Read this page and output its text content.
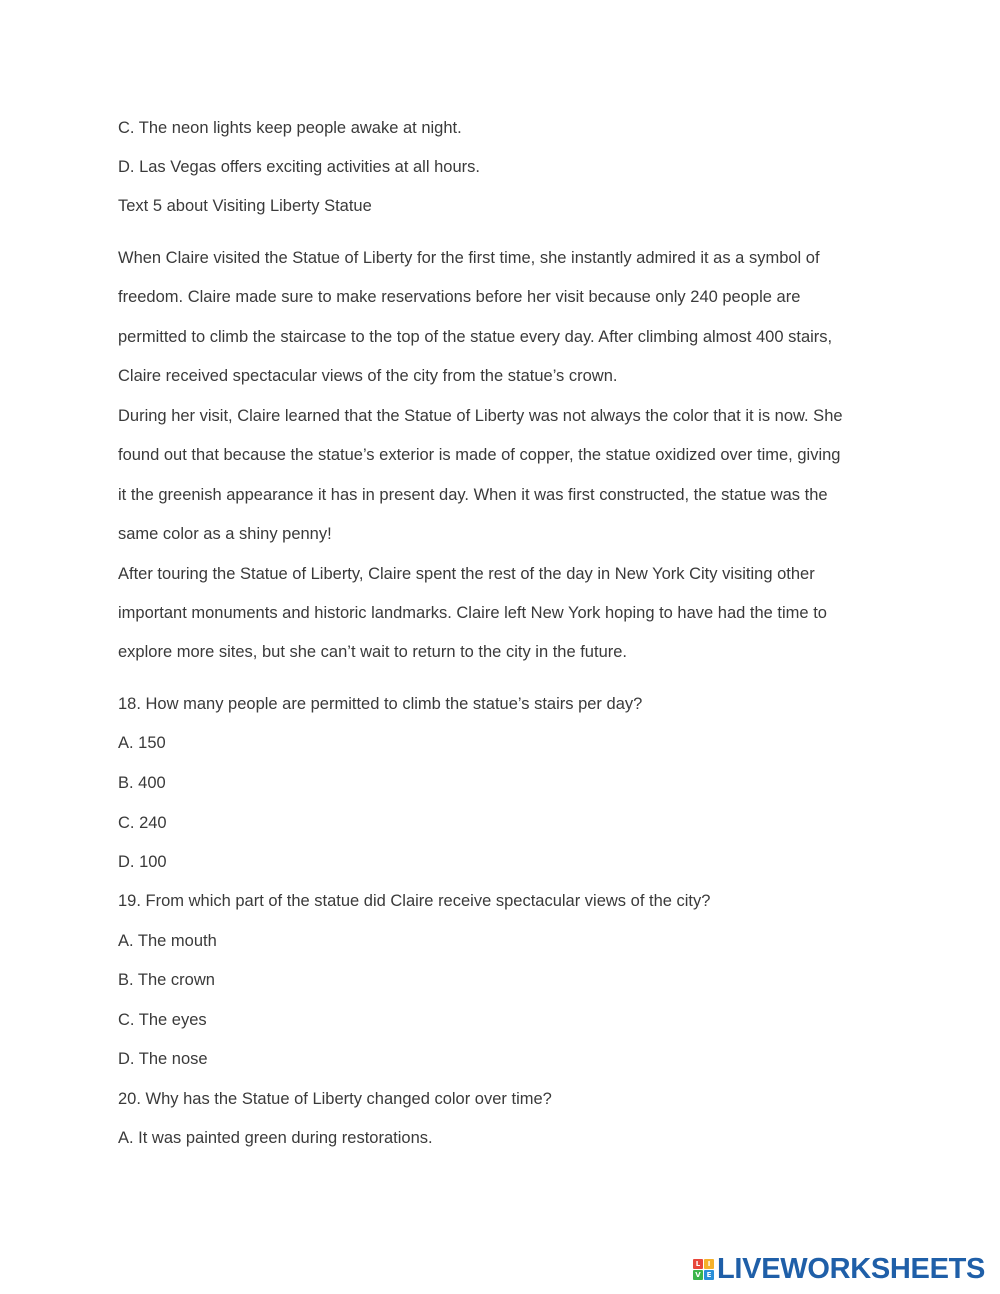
C. The neon lights keep people awake at night.

D. Las Vegas offers exciting activities at all hours.

Text 5 about Visiting Liberty Statue

When Claire visited the Statue of Liberty for the first time, she instantly admired it as a symbol of

freedom. Claire made sure to make reservations before her visit because only 240 people are

permitted to climb the staircase to the top of the statue every day. After climbing almost 400 stairs,

Claire received spectacular views of the city from the statue’s crown.

During her visit, Claire learned that the Statue of Liberty was not always the color that it is now. She

found out that because the statue’s exterior is made of copper, the statue oxidized over time, giving

it the greenish appearance it has in present day. When it was first constructed, the statue was the

same color as a shiny penny!

After touring the Statue of Liberty, Claire spent the rest of the day in New York City visiting other

important monuments and historic landmarks. Claire left New York hoping to have had the time to

explore more sites, but she can’t wait to return to the city in the future.

18. How many people are permitted to climb the statue’s stairs per day?

A. 150

B. 400

C. 240

D. 100

19. From which part of the statue did Claire receive spectacular views of the city?

A. The mouth

B. The crown

C. The eyes

D. The nose

20. Why has the Statue of Liberty changed color over time?

A. It was painted green during restorations.

L	I
V E LIVEWORKSHEETS
